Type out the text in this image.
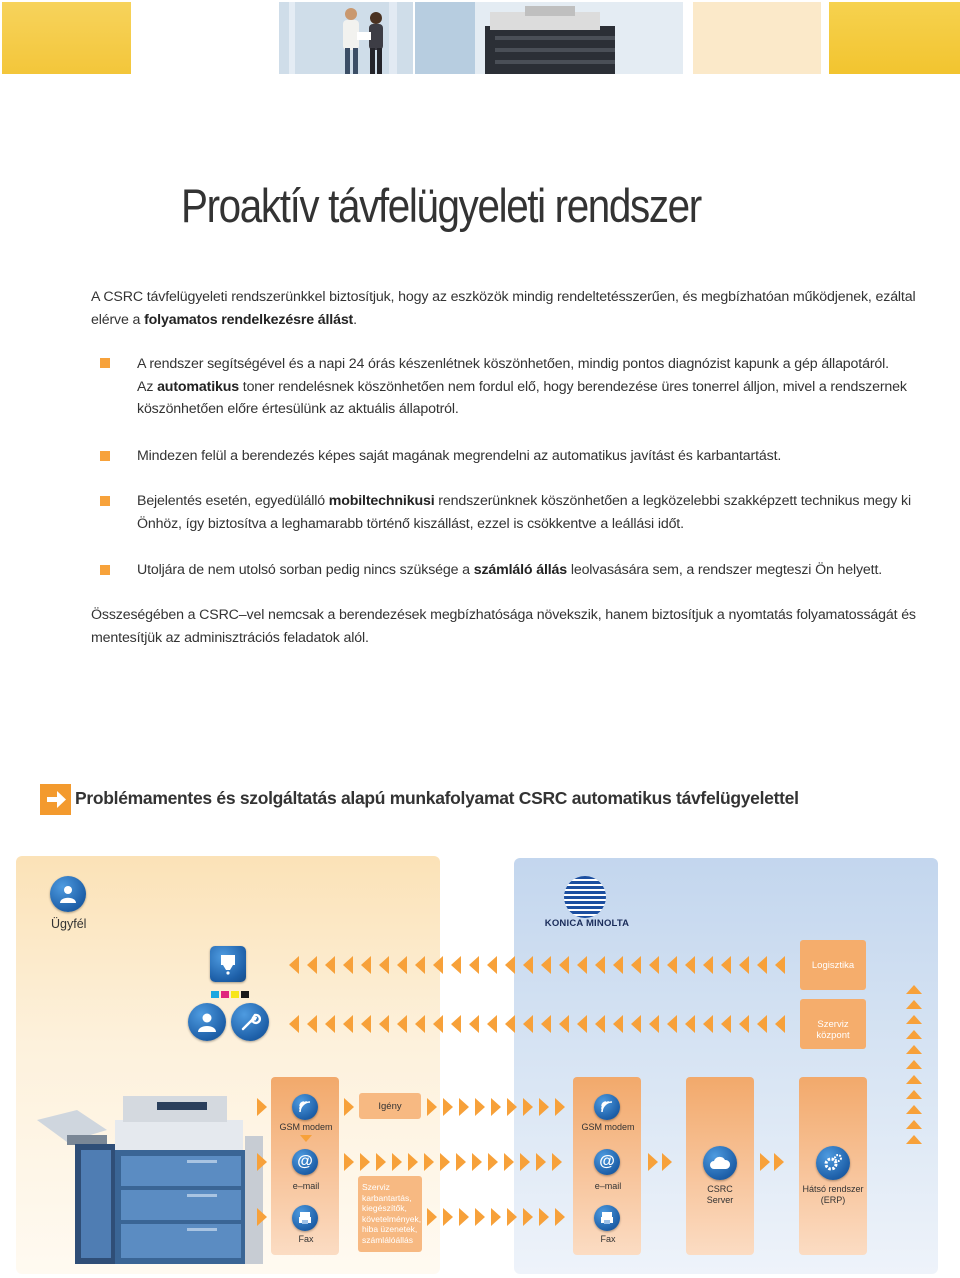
Proaktív távfelügyeleti rendszer
A CSRC távfelügyeleti rendszerünkkel biztosítjuk, hogy az eszközök mindig rendeltetésszerűen, és megbízhatóan működjenek, ezáltal
elérve a folyamatos rendelkezésre állást.
A rendszer segítségével és a napi 24 órás készenlétnek köszönhetően, mindig pontos diagnózist kapunk a gép állapotáról.
Az automatikus toner rendelésnek köszönhetően nem fordul elő, hogy berendezése üres tonerrel álljon, mivel a rendszernek
köszönhetően előre értesülünk az aktuális állapotról.
Mindezen felül a berendezés képes saját magának megrendelni az automatikus javítást és karbantartást.
Bejelentés esetén, egyedülálló mobiltechnikusi rendszerünknek köszönhetően a legközelebbi szakképzett technikus megy ki
Önhöz, így biztosítva a leghamarabb történő kiszállást, ezzel is csökkentve a leállási időt.
Utoljára de nem utolsó sorban pedig nincs szüksége a számláló állás leolvasására sem, a rendszer megteszi Ön helyett.
Összeségében a CSRC–vel nemcsak a berendezések megbízhatósága növekszik, hanem biztosítjuk a nyomtatás folyamatosságát és
mentesítjük az adminisztrációs feladatok alól.
Problémamentes és szolgáltatás alapú munkafolyamat CSRC automatikus távfelügyelettel
Ügyfél	KONICA MINOLTA
Logisztika
Szerviz központ
Igény
Szerviz
karbantartás,
kiegészítők,
követelmények,
hiba üzenetek,
számlálóállás
GSM modem
@
e–mail
Fax
GSM modem
@
e–mail
Fax
CSRC
Server
Hátsó rendszer
(ERP)
